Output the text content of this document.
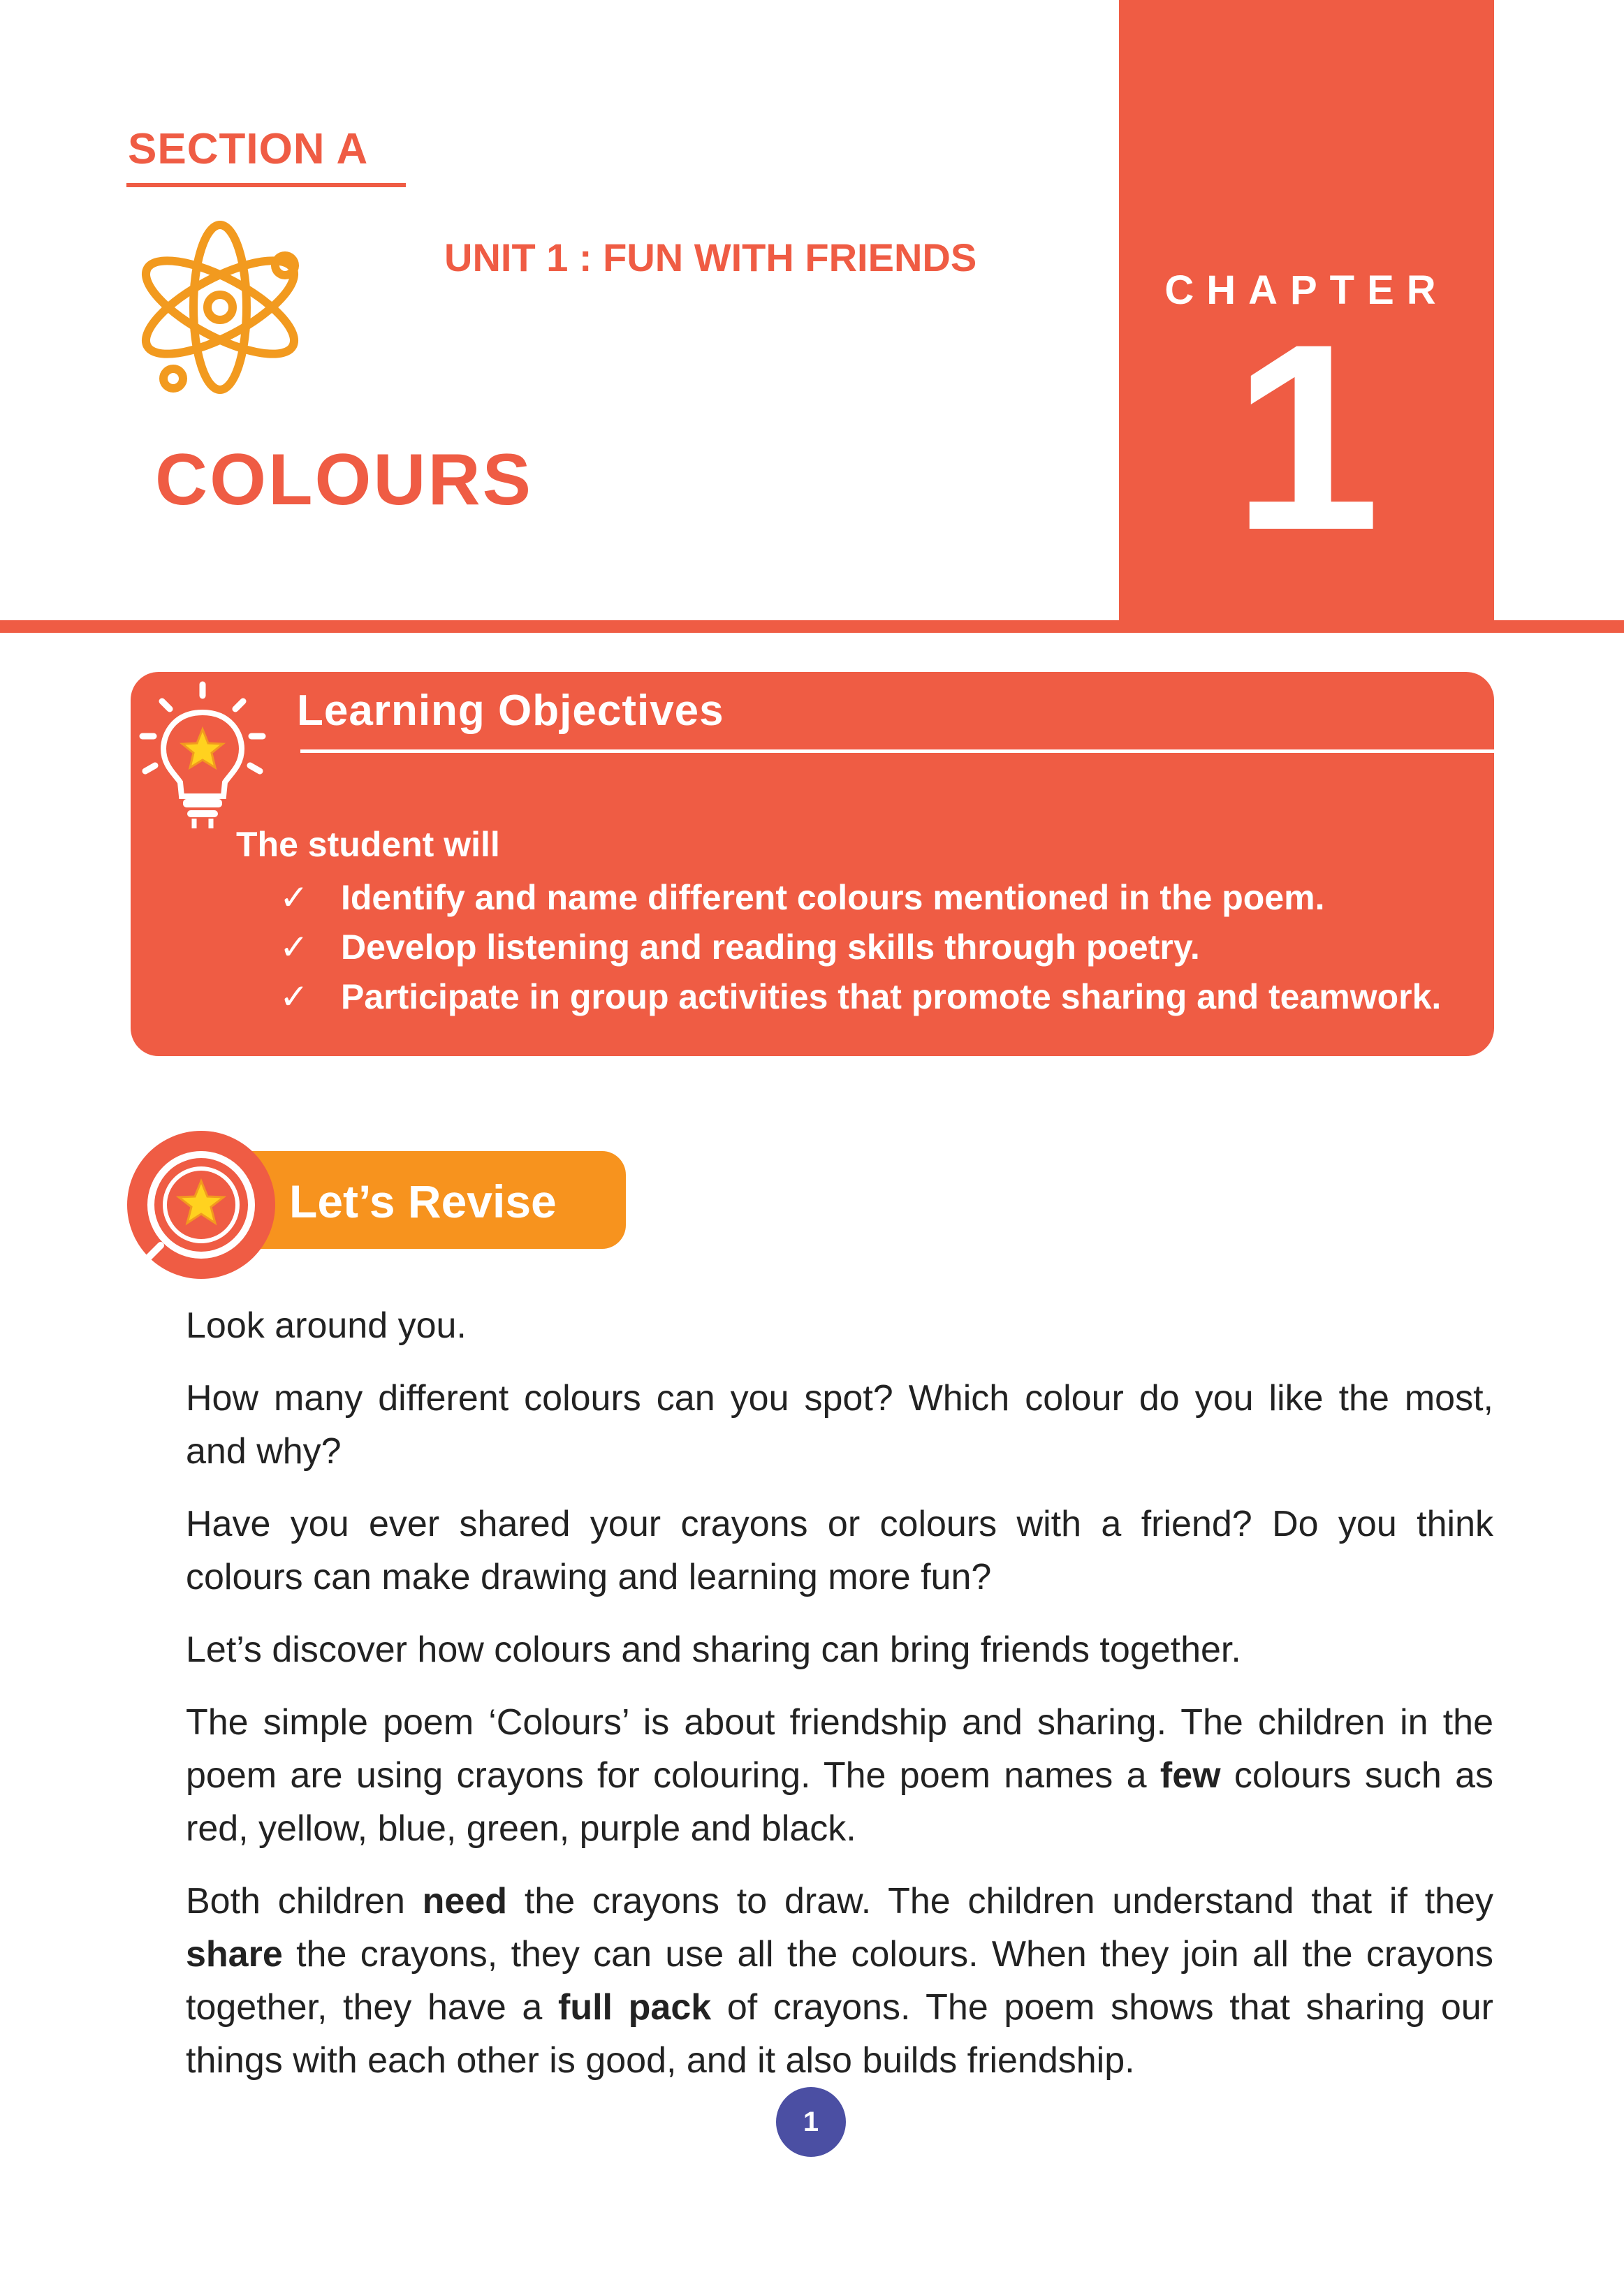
SECTION A
UNIT 1 : FUN WITH FRIENDS
COLOURS
CHAPTER
1
Learning Objectives
The student will
✓ Identify and name different colours mentioned in the poem.
✓ Develop listening and reading skills through poetry.
✓ Participate in group activities that promote sharing and teamwork.
Let’s Revise

Look around you.

How many different colours can you spot? Which colour do you like the most, and why?

Have you ever shared your crayons or colours with a friend? Do you think colours can make drawing and learning more fun?

Let’s discover how colours and sharing can bring friends together.

The simple poem ‘Colours’ is about friendship and sharing. The children in the poem are using crayons for colouring. The poem names a few colours such as red, yellow, blue, green, purple and black.

Both children need the crayons to draw. The children understand that if they share the crayons, they can use all the colours. When they join all the crayons together, they have a full pack of crayons. The poem shows that sharing our things with each other is good, and it also builds friendship.

1
